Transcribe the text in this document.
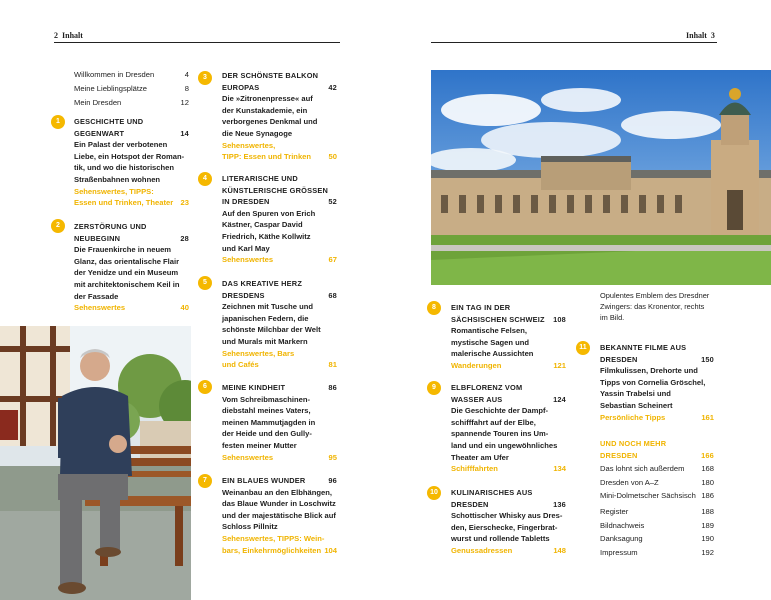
2 Inhalt	Inhalt 3
Willkommen in Dresden	4
Meine Lieblingsplätze	8
Mein Dresden	12
1	GESCHICHTE UND
GEGENWART	14
Ein Palast der verbotenen
Liebe, ein Hotspot der Roman-
tik, und wo die historischen
Straßenbahnen wohnen
Sehenswertes, TIPPS:
Essen und Trinken, Theater 23
2	ZERSTÖRUNG UND
NEUBEGINN	28
Die Frauenkirche in neuem
Glanz, das orientalische Flair
der Yenidze und ein Museum
mit architektonischem Keil in
der Fassade
Sehenswertes	40
3	DER SCHÖNSTE BALKON
EUROPAS	42
Die »Zitronenpresse« auf
der Kunstakademie, ein
verborgenes Denkmal und
die Neue Synagoge
Sehenswertes,
TIPP: Essen und Trinken 50
4	LITERARISCHE UND
KÜNSTLERISCHE GRÖSSEN
IN DRESDEN	52
Auf den Spuren von Erich
Kästner, Caspar David
Friedrich, Käthe Kollwitz
und Karl May
Sehenswertes	67
5	DAS KREATIVE HERZ
DRESDENS	68
Zeichnen mit Tusche und
japanischen Federn, die
schönste Milchbar der Welt
und Murals mit Markern
Sehenswertes, Bars
und Cafés	81
6	MEINE KINDHEIT	86
Vom Schreibmaschinen-
diebstahl meines Vaters,
meinen Mammutjagden in
der Heide und den Gully-
festen meiner Mutter
Sehenswertes	95
7	EIN BLAUES WUNDER	96
Weinanbau an den Elbhängen,
das Blaue Wunder in Loschwitz
und der majestätische Blick auf
Schloss Pillnitz
Sehenswertes, TIPPS: Wein-
bars, Einkehrmöglichkeiten 104
Opulentes Emblem des Dresdner
Zwingers: das Kronentor, rechts
im Bild.
8	EIN TAG IN DER
SÄCHSISCHEN SCHWEIZ 108
Romantische Felsen,
mystische Sagen und
malerische Aussichten
Wanderungen	121
9	ELBFLORENZ VOM
WASSER AUS	124
Die Geschichte der Dampf-
schifffahrt auf der Elbe,
spannende Touren ins Um-
land und ein ungewöhnliches
Theater am Ufer
Schifffahrten	134
10	KULINARISCHES AUS
DRESDEN	136
Schottischer Whisky aus Dres-
den, Eierschecke, Fingerbrat-
wurst und rollende Tabletts
Genussadressen	148
11	BEKANNTE FILME AUS
DRESDEN	150
Filmkulissen, Drehorte und
Tipps von Cornelia Gröschel,
Yassin Trabelsi und
Sebastian Scheinert
Persönliche Tipps	161
UND NOCH MEHR
DRESDEN	166
Das lohnt sich außerdem 168
Dresden von A–Z	180
Mini-Dolmetscher Sächsisch 186
Register	188
Bildnachweis	189
Danksagung	190
Impressum	192
